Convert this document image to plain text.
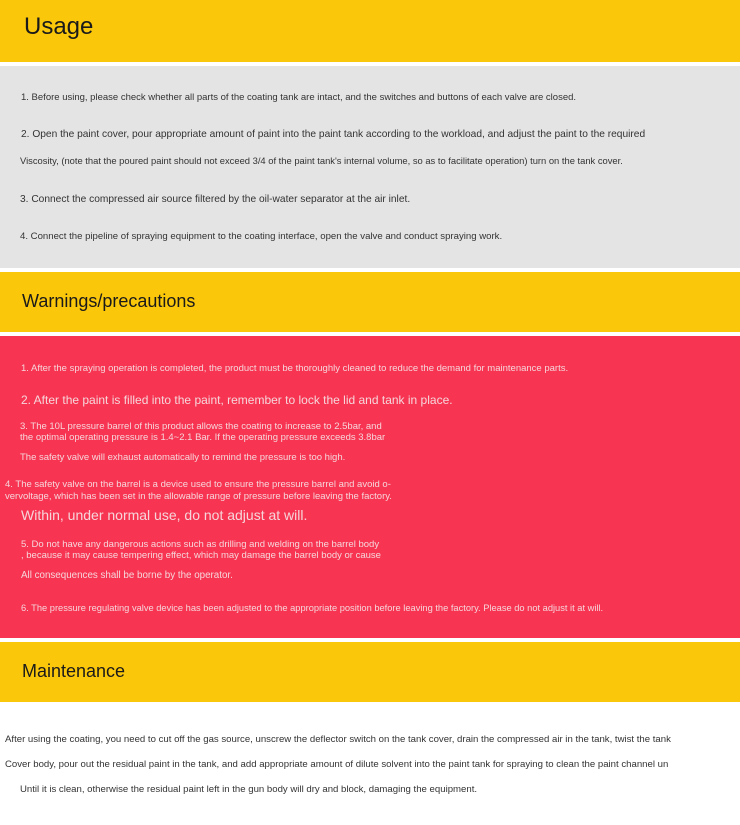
Usage
1. Before using, please check whether all parts of the coating tank are intact, and the switches and buttons of each valve are closed.
2. Open the paint cover, pour appropriate amount of paint into the paint tank according to the workload, and adjust the paint to the required
Viscosity, (note that the poured paint should not exceed 3/4 of the paint tank's internal volume, so as to facilitate operation) turn on the tank cover.
3. Connect the compressed air source filtered by the oil-water separator at the air inlet.
4. Connect the pipeline of spraying equipment to the coating interface, open the valve and conduct spraying work.
Warnings/precautions
1. After the spraying operation is completed, the product must be thoroughly cleaned to reduce the demand for maintenance parts.
2. After the paint is filled into the paint, remember to lock the lid and tank in place.
3. The 10L pressure barrel of this product allows the coating to increase to 2.5bar, and
the optimal operating pressure is 1.4~2.1 Bar. If the operating pressure exceeds 3.8bar
The safety valve will exhaust automatically to remind the pressure is too high.
4. The safety valve on the barrel is a device used to ensure the pressure barrel and avoid o-
vervoltage, which has been set in the allowable range of pressure before leaving the factory.
Within, under normal use, do not adjust at will.
5. Do not have any dangerous actions such as drilling and welding on the barrel body
, because it may cause tempering effect, which may damage the barrel body or cause
All consequences shall be borne by the operator.
6. The pressure regulating valve device has been adjusted to the appropriate position before leaving the factory. Please do not adjust it at will.
Maintenance
After using the coating, you need to cut off the gas source, unscrew the deflector switch on the tank cover, drain the compressed air in the tank, twist the tank
Cover body, pour out the residual paint in the tank, and add appropriate amount of dilute solvent into the paint tank for spraying to clean the paint channel un
Until it is clean, otherwise the residual paint left in the gun body will dry and block, damaging the equipment.
